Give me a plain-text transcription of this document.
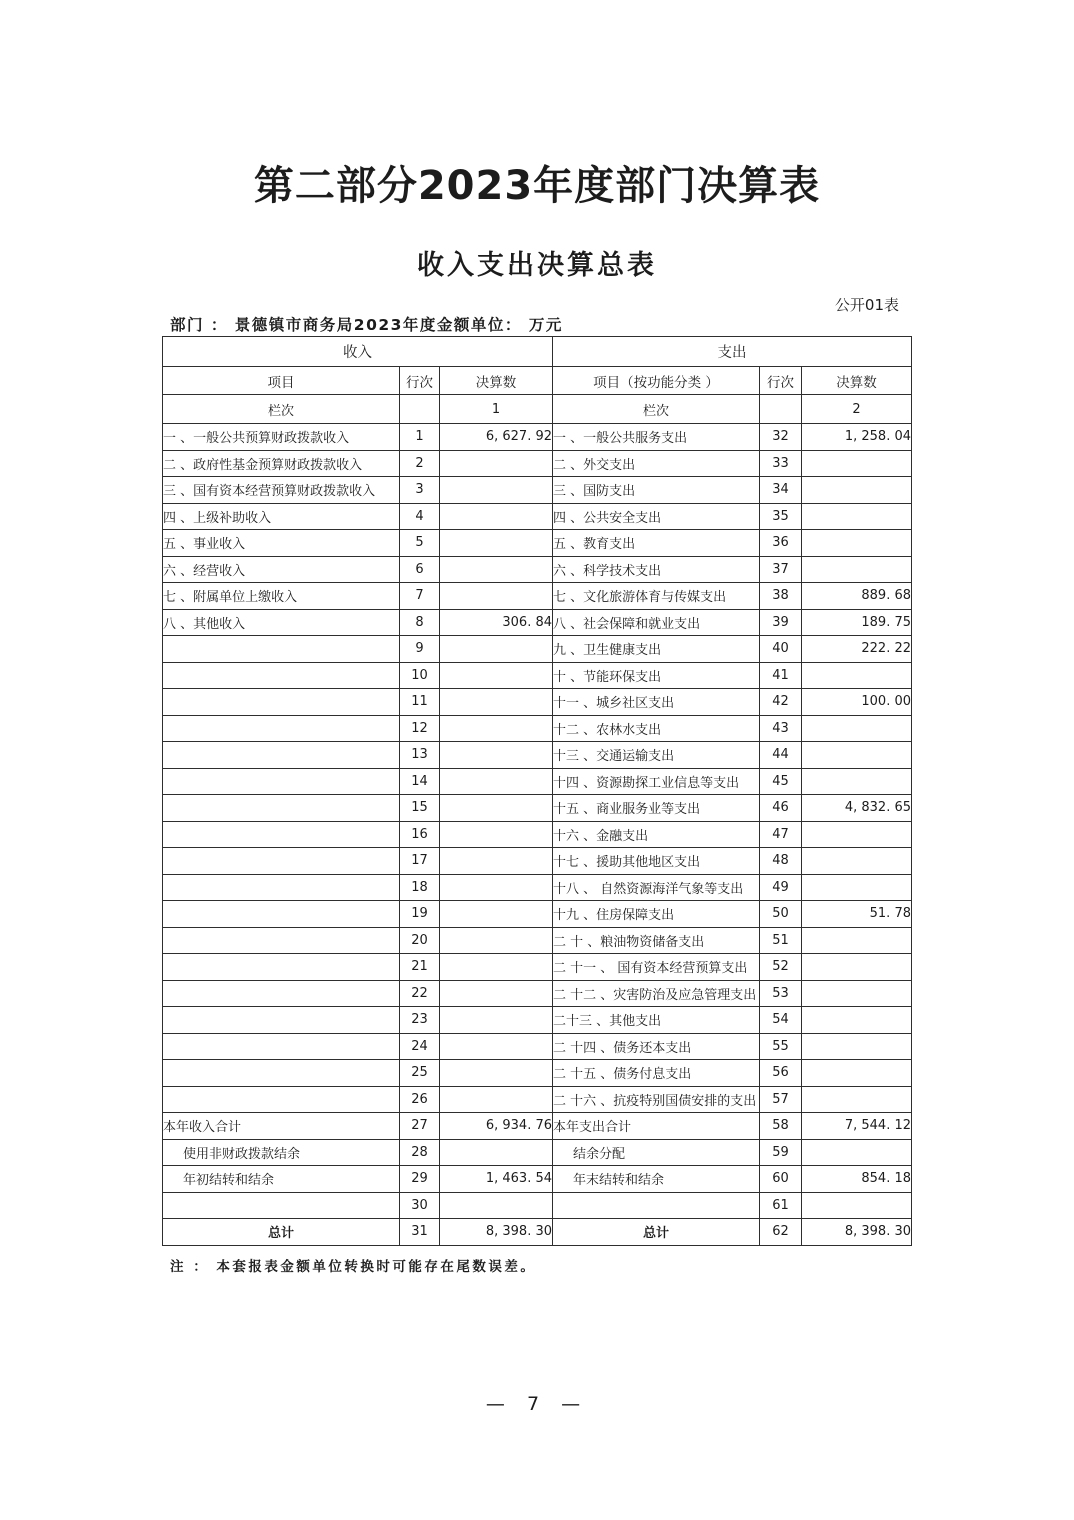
第二部分2023年度部门决算表
收入支出决算总表
公开01表
部门 ： 景德镇市商务局2023年度金额单位： 万元
收入			支出		
项目	行次	决算数	项目（按功能分类 ）	行次	决算数
栏次		1	栏次		2
一 、一般公共预算财政拨款收入	1	6, 627. 92	一 、一般公共服务支出	32	1, 258. 04
二 、政府性基金预算财政拨款收入	2		二 、外交支出	33	
三 、国有资本经营预算财政拨款收入	3		三 、国防支出	34	
四 、上级补助收入	4		四 、公共安全支出	35	
五 、事业收入	5		五 、教育支出	36	
六 、经营收入	6		六 、科学技术支出	37	
七 、附属单位上缴收入	7		七 、文化旅游体育与传媒支出	38	889. 68
八 、其他收入	8	306. 84	八 、社会保障和就业支出	39	189. 75
	9		九 、卫生健康支出	40	222. 22
	10		十 、节能环保支出	41	
	11		十一 、城乡社区支出	42	100. 00
	12		十二 、农林水支出	43	
	13		十三 、交通运输支出	44	
	14		十四 、资源勘探工业信息等支出	45	
	15		十五 、商业服务业等支出	46	4, 832. 65
	16		十六 、金融支出	47	
	17		十七 、援助其他地区支出	48	
	18		十八 、 自然资源海洋气象等支出	49	
	19		十九 、住房保障支出	50	51. 78
	20		二 十 、粮油物资储备支出	51	
	21		二 十一 、 国有资本经营预算支出	52	
	22		二 十二 、灾害防治及应急管理支出	53	
	23		二十三 、其他支出	54	
	24		二 十四 、债务还本支出	55	
	25		二 十五 、债务付息支出	56	
	26		二 十六 、抗疫特别国债安排的支出	57	
本年收入合计	27	6, 934. 76	本年支出合计	58	7, 544. 12
使用非财政拨款结余	28		结余分配	59	
年初结转和结余	29	1, 463. 54	年末结转和结余	60	854. 18
	30			61	
总计	31	8, 398. 30	总计	62	8, 398. 30
注 ： 本套报表金额单位转换时可能存在尾数误差。
— 7 —
